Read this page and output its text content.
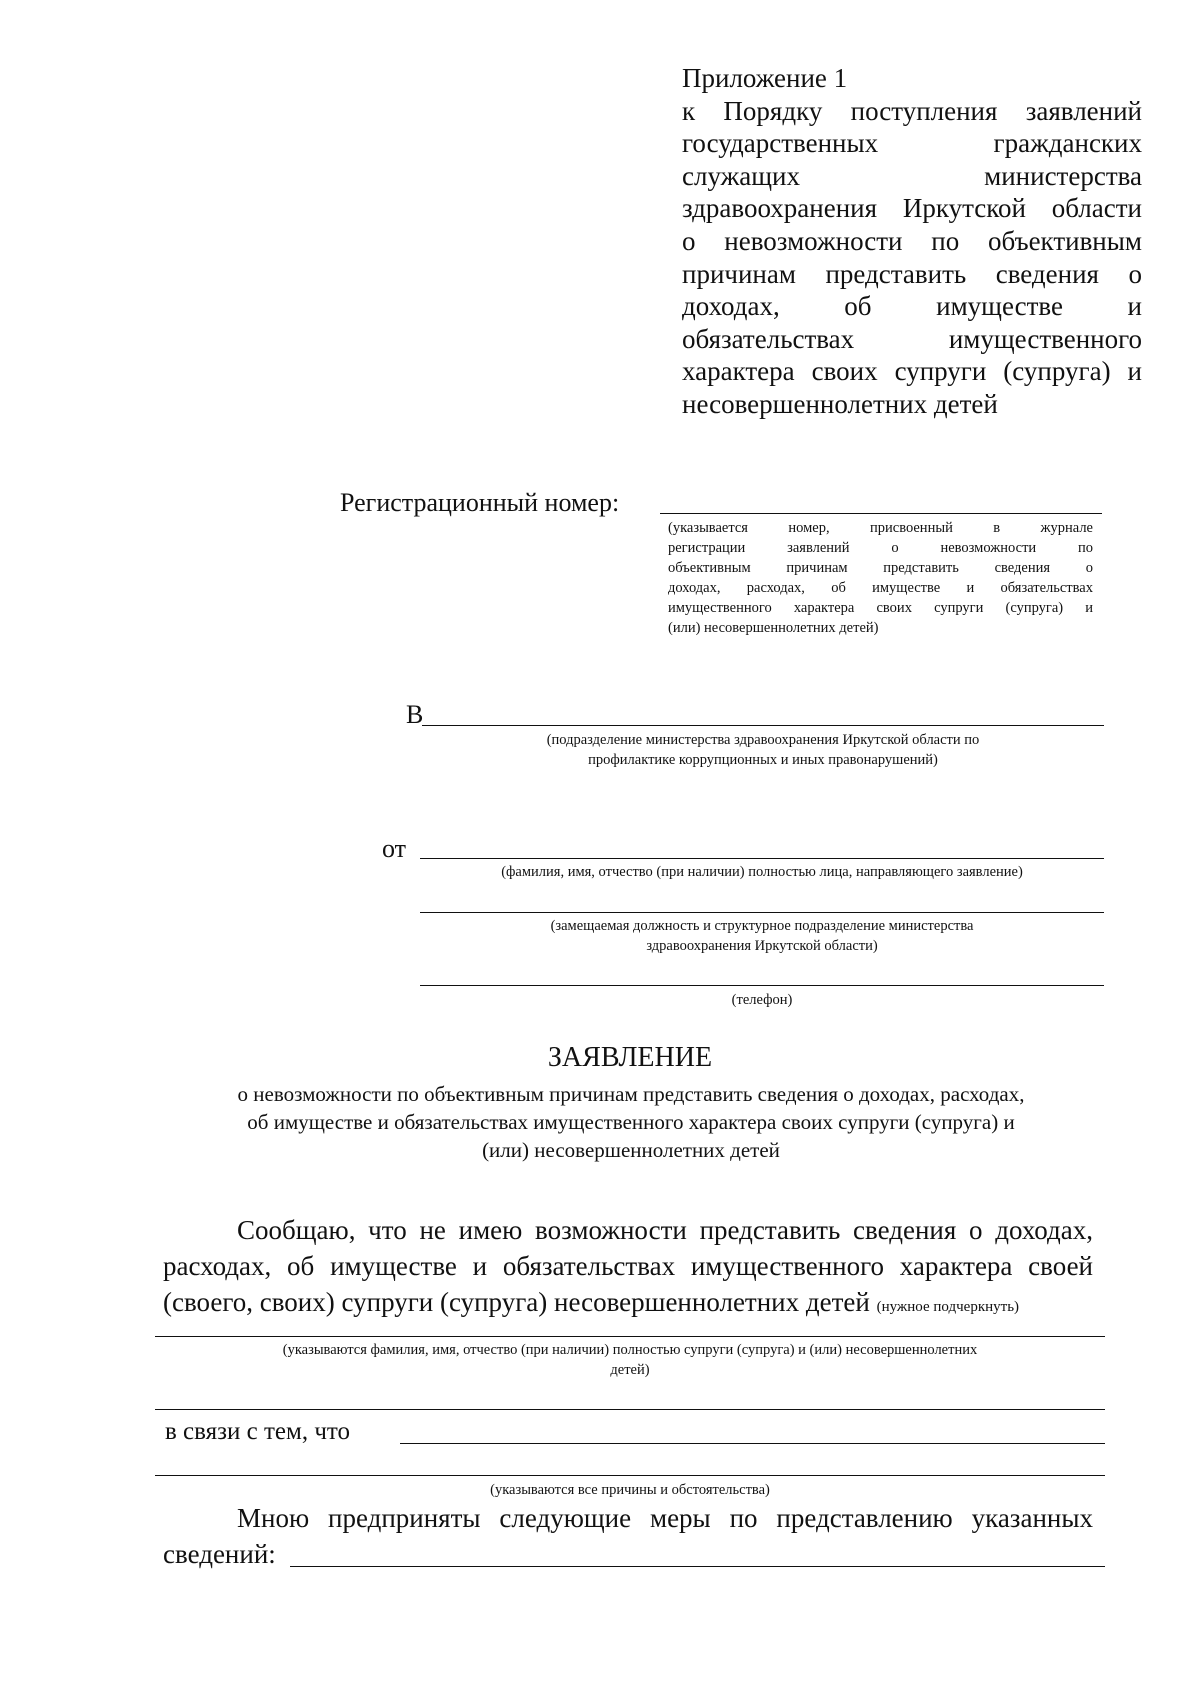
Приложение 1
к Порядку поступления заявлений
государственных гражданских
служащих министерства
здравоохранения Иркутской области
о невозможности по объективным
причинам представить сведения о
доходах, об имуществе и
обязательствах имущественного
характера своих супруги (супруга) и
несовершеннолетних детей
Регистрационный номер:
(указывается номер, присвоенный в журнале
регистрации заявлений о невозможности по
объективным причинам представить сведения о
доходах, расходах, об имуществе и обязательствах
имущественного характера своих супруги (супруга) и
(или) несовершеннолетних детей)
В
(подразделение министерства здравоохранения Иркутской области по
профилактике коррупционных и иных правонарушений)
от
(фамилия, имя, отчество (при наличии) полностью лица, направляющего заявление)
(замещаемая должность и структурное подразделение министерства
здравоохранения Иркутской области)
(телефон)
ЗАЯВЛЕНИЕ
о невозможности по объективным причинам представить сведения о доходах, расходах,
об имуществе и обязательствах имущественного характера своих супруги (супруга) и
(или) несовершеннолетних детей
Сообщаю, что не имею возможности представить сведения о доходах,
расходах, об имуществе и обязательствах имущественного характера своей
(своего, своих) супруги (супруга) несовершеннолетних детей (нужное подчеркнуть)
(указываются фамилия, имя, отчество (при наличии) полностью супруги (супруга) и (или) несовершеннолетних
детей)
в связи с тем, что
(указываются все причины и обстоятельства)
Мною предприняты следующие меры по представлению указанных
сведений:
